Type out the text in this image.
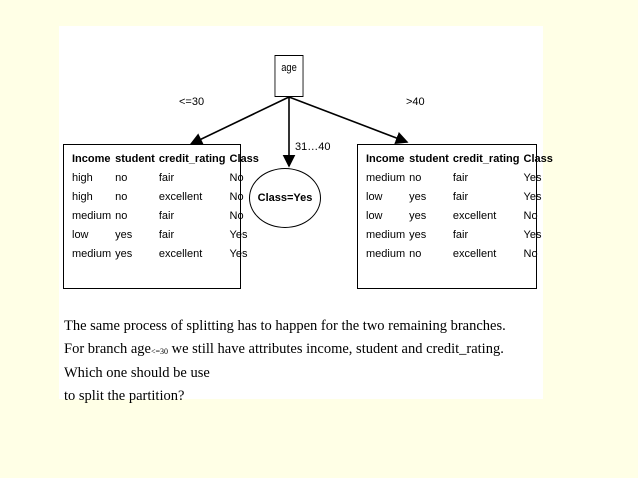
age
<=30
31…40
>40
Income	student	credit_rating	Class
high	no	fair	No
high	no	excellent	No
medium	no	fair	No
low	yes	fair	Yes
medium	yes	excellent	Yes
Class=Yes
Income	student	credit_rating	Class
medium	no	fair	Yes
low	yes	fair	Yes
low	yes	excellent	No
medium	yes	fair	Yes
medium	no	excellent	No
The same process of splitting has to happen for the two remaining branches.
For branch age$_{<=30}$ we still have attributes income, student and credit_rating. Which one should be use
to split the partition?
